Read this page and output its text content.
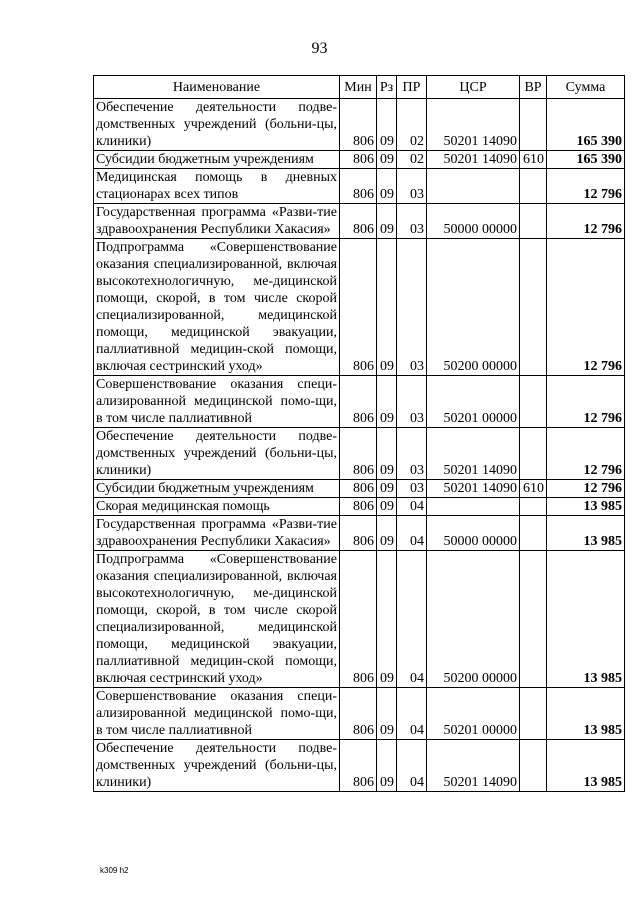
93
Наименование	Мин	Рз	ПР	ЦСР	ВР	Сумма
Обеспечение деятельности подве-домственных учреждений (больни-цы, клиники)	806	09	02	50201 14090		165 390
Субсидии бюджетным учреждениям	806	09	02	50201 14090	610	165 390
Медицинская помощь в дневных стационарах всех типов	806	09	03			12 796
Государственная программа «Разви-тие здравоохранения Республики Хакасия»	806	09	03	50000 00000		12 796
Подпрограмма «Совершенствование оказания специализированной, включая высокотехнологичную, ме-дицинской помощи, скорой, в том числе скорой специализированной, медицинской помощи, медицинской эвакуации, паллиативной медицин-ской помощи, включая сестринский уход»	806	09	03	50200 00000		12 796
Совершенствование оказания специ-ализированной медицинской помо-щи, в том числе паллиативной	806	09	03	50201 00000		12 796
Обеспечение деятельности подве-домственных учреждений (больни-цы, клиники)	806	09	03	50201 14090		12 796
Субсидии бюджетным учреждениям	806	09	03	50201 14090	610	12 796
Скорая медицинская помощь	806	09	04			13 985
Государственная программа «Разви-тие здравоохранения Республики Хакасия»	806	09	04	50000 00000		13 985
Подпрограмма «Совершенствование оказания специализированной, включая высокотехнологичную, ме-дицинской помощи, скорой, в том числе скорой специализированной, медицинской помощи, медицинской эвакуации, паллиативной медицин-ской помощи, включая сестринский уход»	806	09	04	50200 00000		13 985
Совершенствование оказания специ-ализированной медицинской помо-щи, в том числе паллиативной	806	09	04	50201 00000		13 985
Обеспечение деятельности подве-домственных учреждений (больни-цы, клиники)	806	09	04	50201 14090		13 985
k309 h2
